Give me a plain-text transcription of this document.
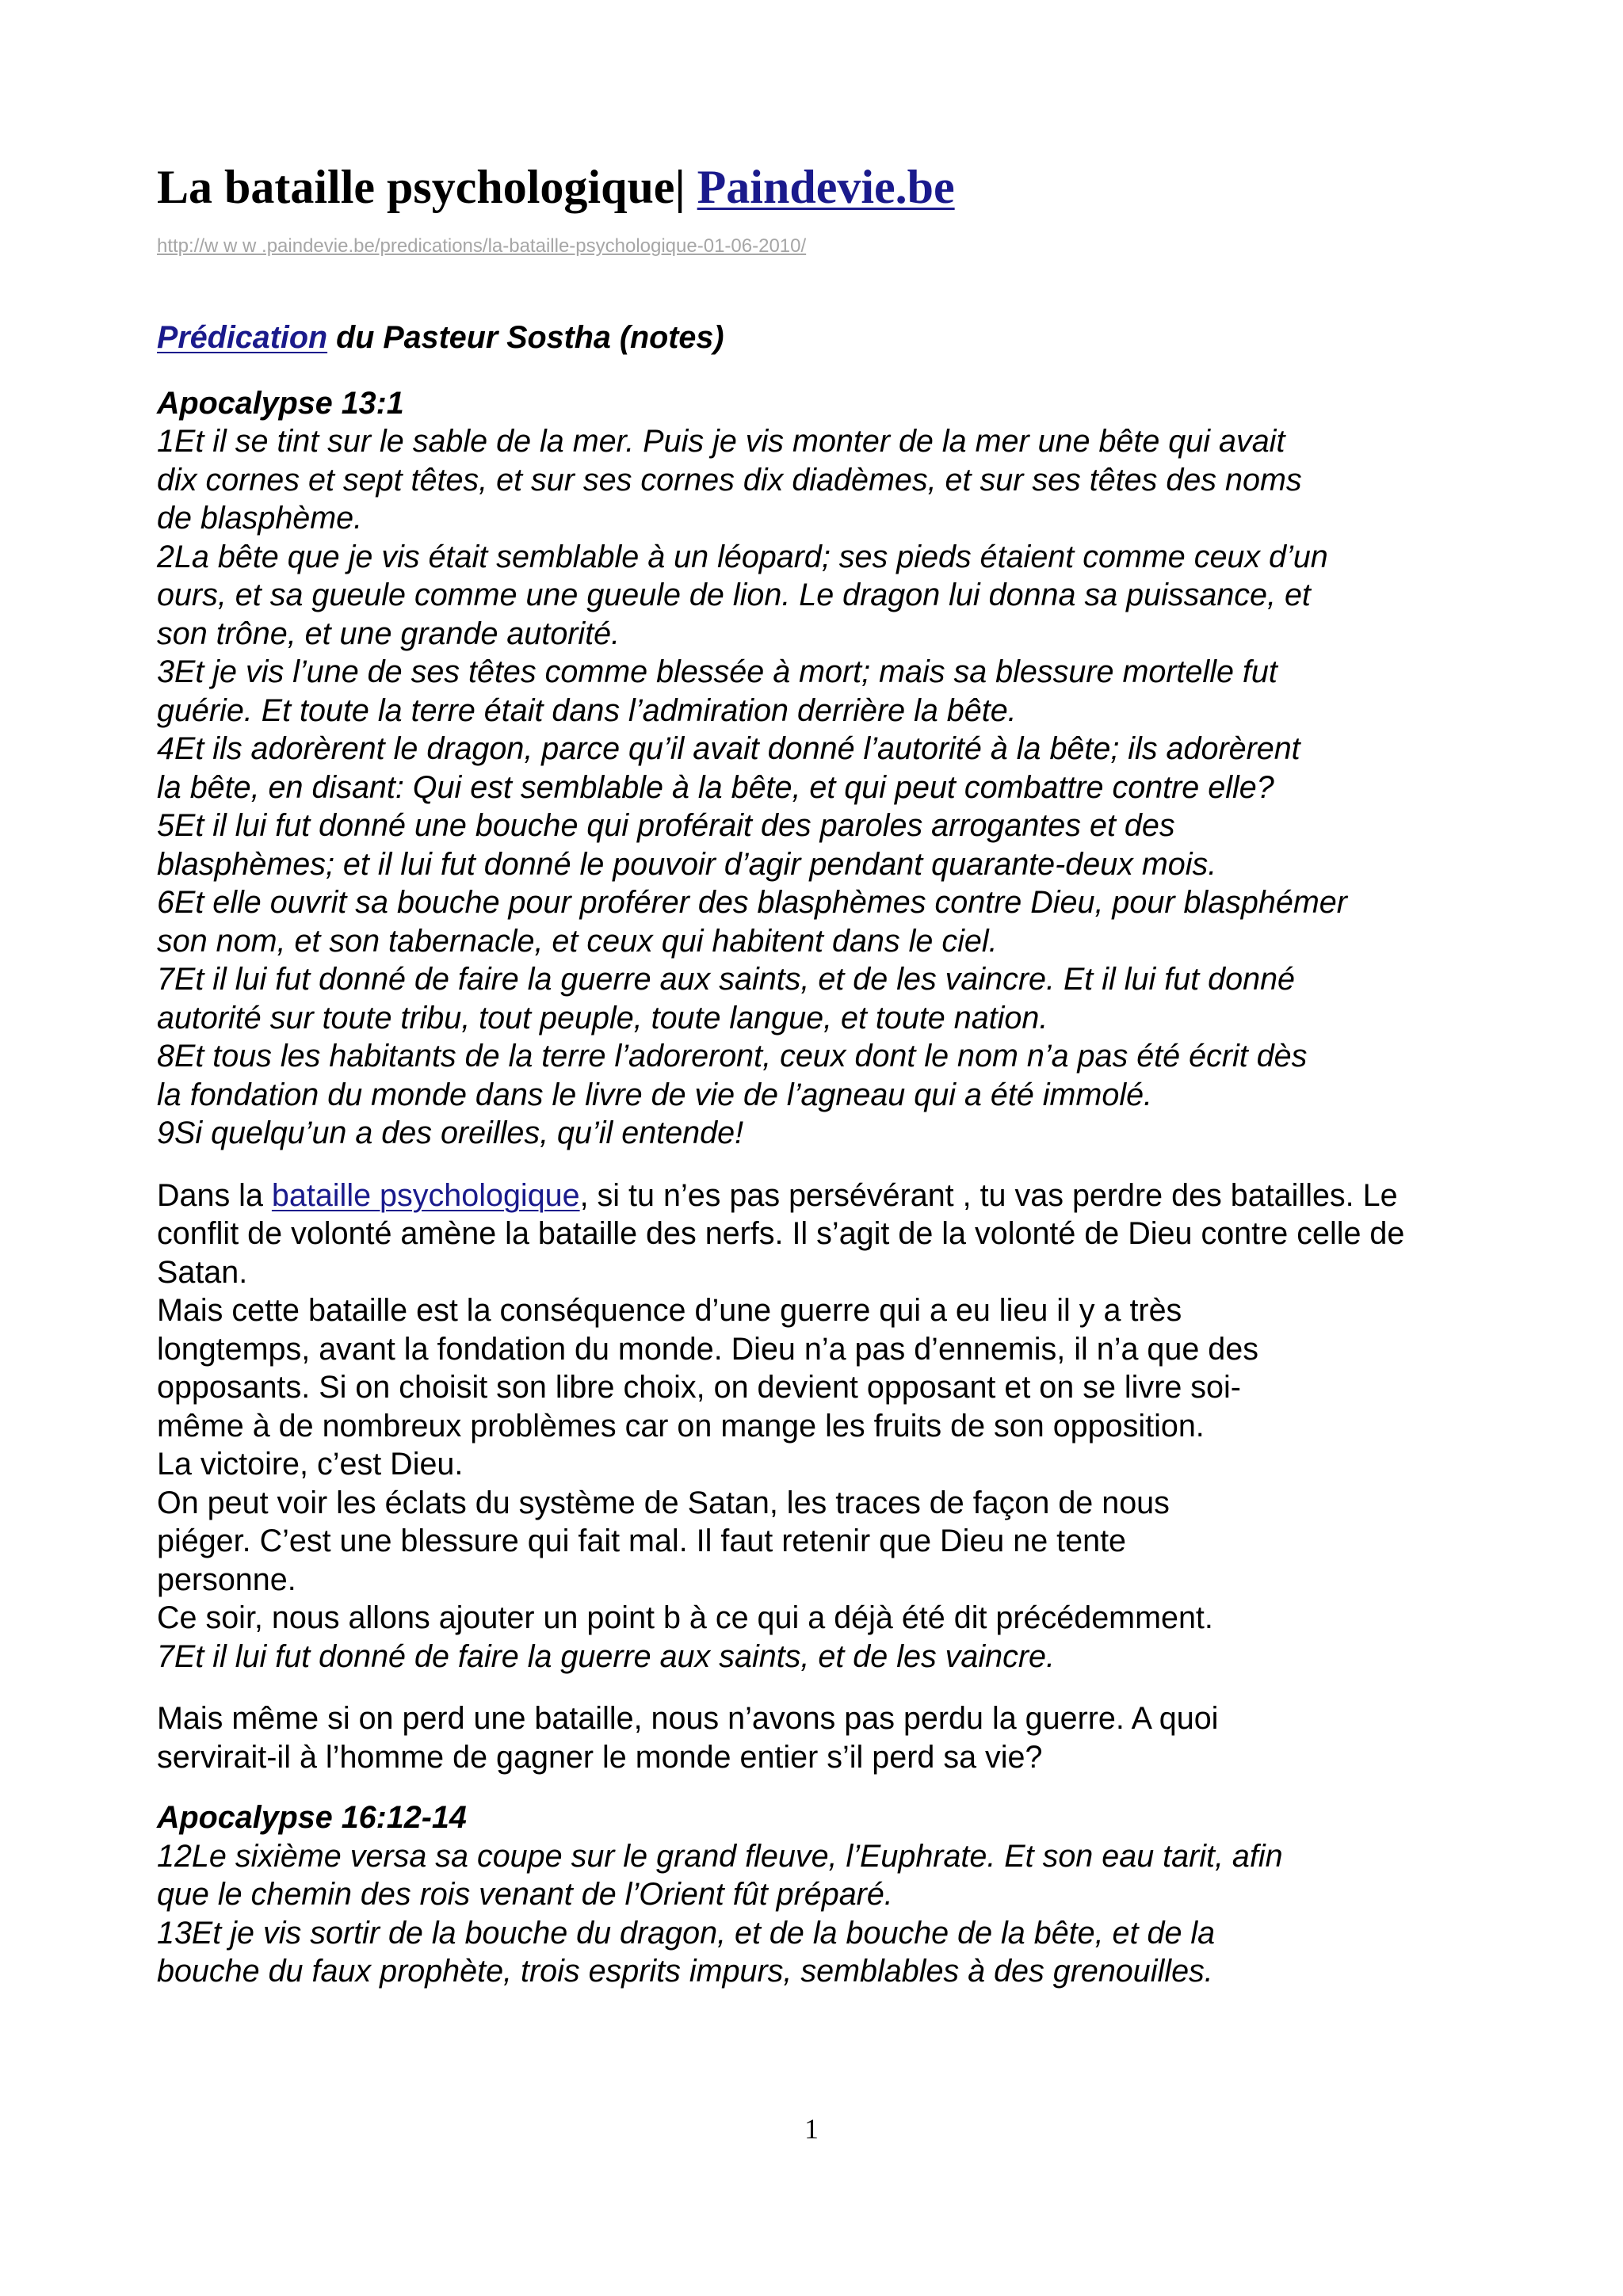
La bataille psychologique| Paindevie.be
http://w w w .paindevie.be/predications/la-bataille-psychologique-01-06-2010/
Prédication du Pasteur Sostha (notes)
Apocalypse 13:1
1Et il se tint sur le sable de la mer. Puis je vis monter de la mer une bête qui avait
dix cornes et sept têtes, et sur ses cornes dix diadèmes, et sur ses têtes des noms
de blasphème.
2La bête que je vis était semblable à un léopard; ses pieds étaient comme ceux d’un
ours, et sa gueule comme une gueule de lion. Le dragon lui donna sa puissance, et
son trône, et une grande autorité.
3Et je vis l’une de ses têtes comme blessée à mort; mais sa blessure mortelle fut
guérie. Et toute la terre était dans l’admiration derrière la bête.
4Et ils adorèrent le dragon, parce qu’il avait donné l’autorité à la bête; ils adorèrent
la bête, en disant: Qui est semblable à la bête, et qui peut combattre contre elle?
5Et il lui fut donné une bouche qui proférait des paroles arrogantes et des
blasphèmes; et il lui fut donné le pouvoir d’agir pendant quarante-deux mois.
6Et elle ouvrit sa bouche pour proférer des blasphèmes contre Dieu, pour blasphémer
son nom, et son tabernacle, et ceux qui habitent dans le ciel.
7Et il lui fut donné de faire la guerre aux saints, et de les vaincre. Et il lui fut donné
autorité sur toute tribu, tout peuple, toute langue, et toute nation.
8Et tous les habitants de la terre l’adoreront, ceux dont le nom n’a pas été écrit dès
la fondation du monde dans le livre de vie de l’agneau qui a été immolé.
9Si quelqu’un a des oreilles, qu’il entende!
Dans la bataille psychologique, si tu n’es pas persévérant , tu vas perdre des batailles. Le
conflit de volonté amène la bataille des nerfs. Il s’agit de la volonté de Dieu contre celle de
Satan.
Mais cette bataille est la conséquence d’une guerre qui a eu lieu il y a très
longtemps, avant la fondation du monde. Dieu n’a pas d’ennemis, il n’a que des
opposants. Si on choisit son libre choix, on devient opposant et on se livre soi-
même à de nombreux problèmes car on mange les fruits de son opposition.
La victoire, c’est Dieu.
On peut voir les éclats du système de Satan, les traces de façon de nous
piéger. C’est une blessure qui fait mal. Il faut retenir que Dieu ne tente
personne.
Ce soir, nous allons ajouter un point b à ce qui a déjà été dit précédemment.
7Et il lui fut donné de faire la guerre aux saints, et de les vaincre.
Mais même si on perd une bataille, nous n’avons pas perdu la guerre. A quoi
servirait-il à l’homme de gagner le monde entier s’il perd sa vie?
Apocalypse 16:12-14
12Le sixième versa sa coupe sur le grand fleuve, l’Euphrate. Et son eau tarit, afin
que le chemin des rois venant de l’Orient fût préparé.
13Et je vis sortir de la bouche du dragon, et de la bouche de la bête, et de la
bouche du faux prophète, trois esprits impurs, semblables à des grenouilles.
1
